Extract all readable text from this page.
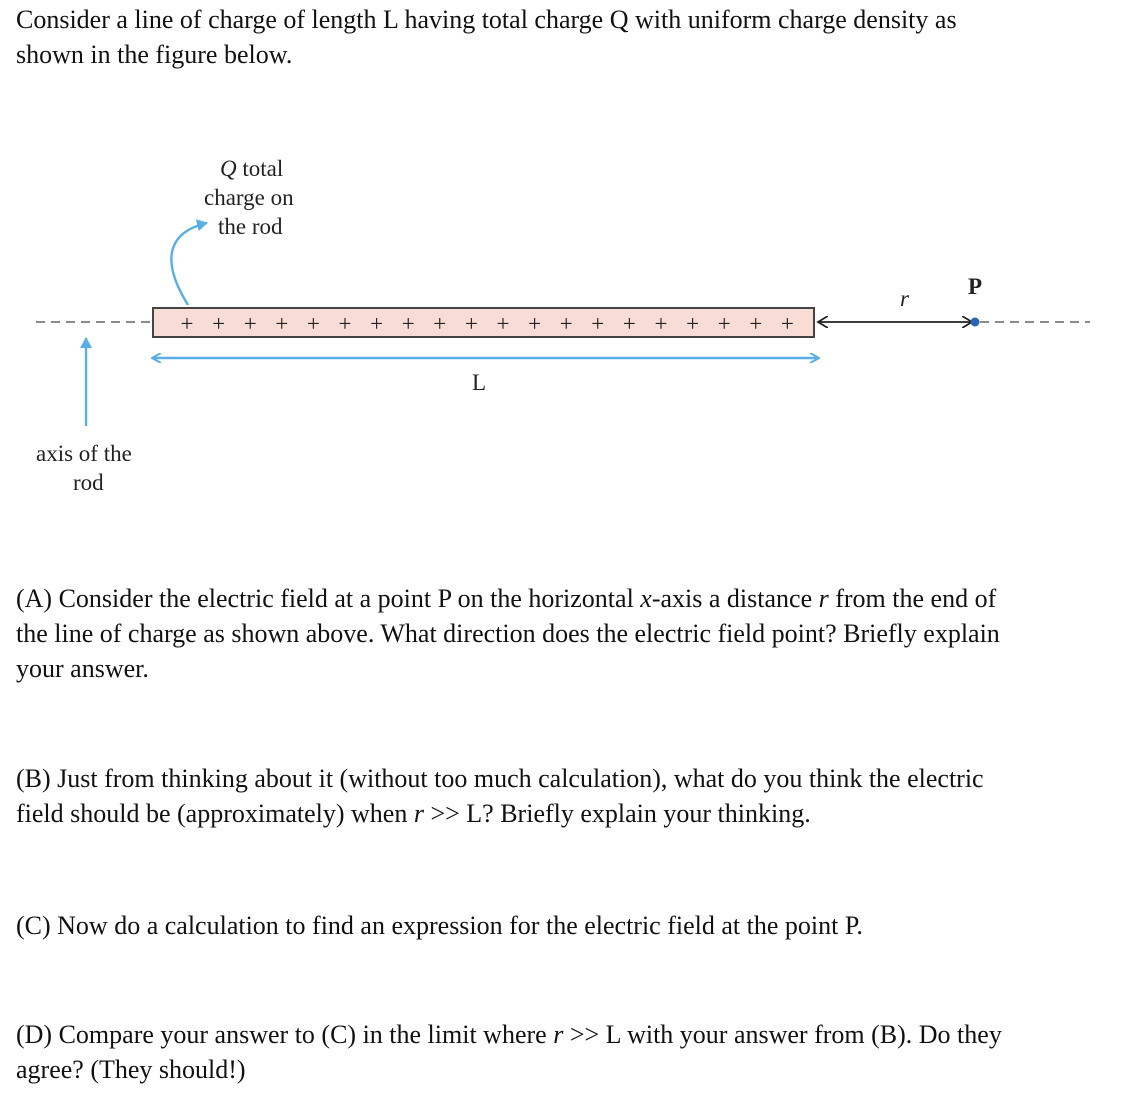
Consider a line of charge of length L having total charge Q with uniform charge density as
shown in the figure below.

+ + + + + + + + + + + + + + + + + + + +
Q total
charge on
the rod
L
r	P
axis of the
rod

(A) Consider the electric field at a point P on the horizontal x-axis a distance r from the end of
the line of charge as shown above. What direction does the electric field point? Briefly explain
your answer.

(B) Just from thinking about it (without too much calculation), what do you think the electric
field should be (approximately) when r >> L? Briefly explain your thinking.

(C) Now do a calculation to find an expression for the electric field at the point P.

(D) Compare your answer to (C) in the limit where r >> L with your answer from (B). Do they
agree? (They should!)
